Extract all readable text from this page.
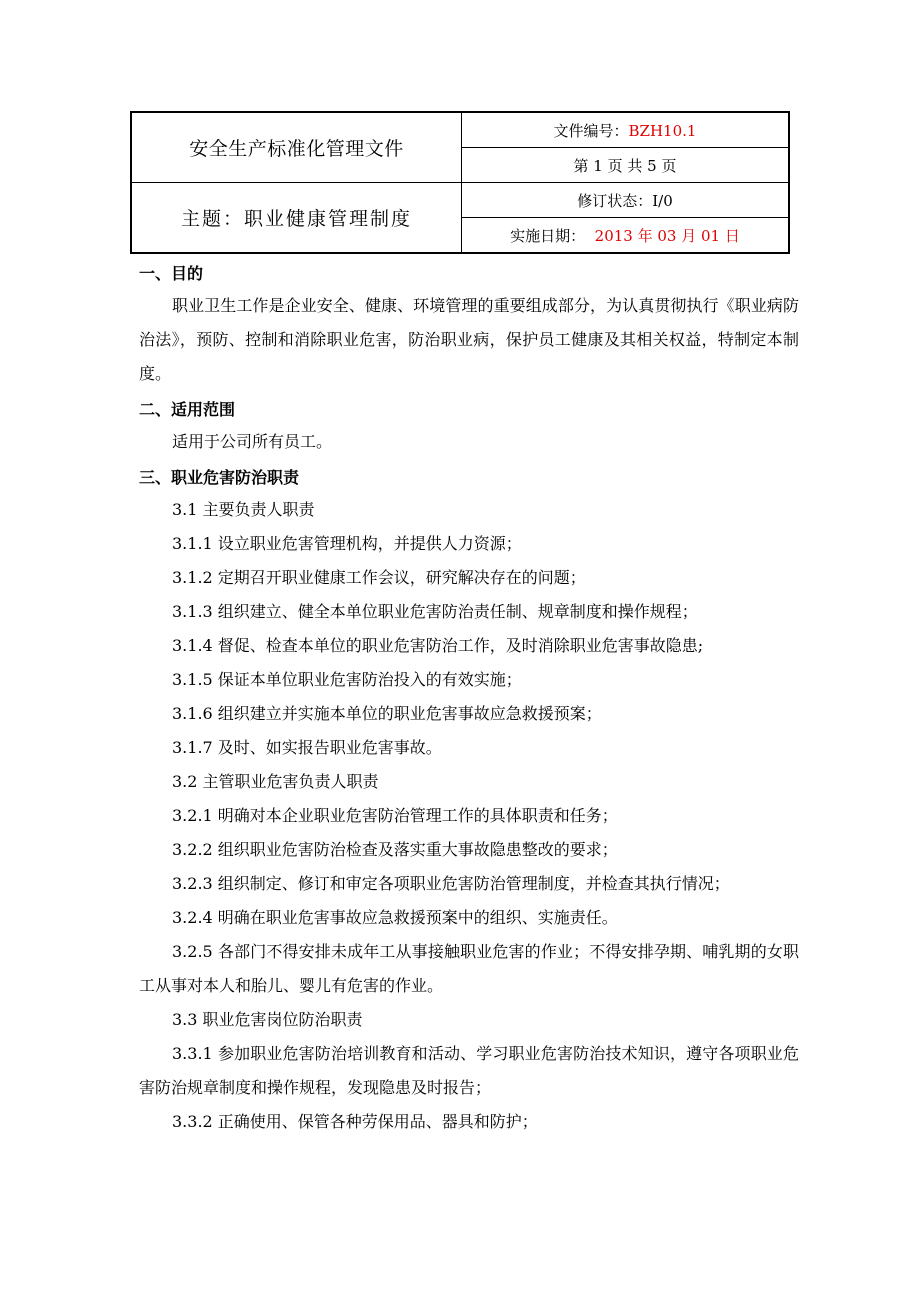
安全生产标准化管理文件	文件编号：BZH10.1
	第 1 页 共 5 页
主题：职业健康管理制度	修订状态：Ⅰ/0
	实施日期： 2013 年 03 月 01 日
一、目的
职业卫生工作是企业安全、健康、环境管理的重要组成部分，为认真贯彻执行《职业病防治法》，预防、控制和消除职业危害，防治职业病，保护员工健康及其相关权益，特制定本制度。
二、适用范围
适用于公司所有员工。
三、职业危害防治职责
3.1 主要负责人职责
3.1.1 设立职业危害管理机构，并提供人力资源；
3.1.2 定期召开职业健康工作会议，研究解决存在的问题；
3.1.3 组织建立、健全本单位职业危害防治责任制、规章制度和操作规程；
3.1.4 督促、检查本单位的职业危害防治工作，及时消除职业危害事故隐患;
3.1.5 保证本单位职业危害防治投入的有效实施；
3.1.6 组织建立并实施本单位的职业危害事故应急救援预案；
3.1.7 及时、如实报告职业危害事故。
3.2 主管职业危害负责人职责
3.2.1 明确对本企业职业危害防治管理工作的具体职责和任务；
3.2.2 组织职业危害防治检查及落实重大事故隐患整改的要求；
3.2.3 组织制定、修订和审定各项职业危害防治管理制度，并检查其执行情况；
3.2.4 明确在职业危害事故应急救援预案中的组织、实施责任。
3.2.5 各部门不得安排未成年工从事接触职业危害的作业；不得安排孕期、哺乳期的女职工从事对本人和胎儿、婴儿有危害的作业。
3.3 职业危害岗位防治职责
3.3.1 参加职业危害防治培训教育和活动、学习职业危害防治技术知识，遵守各项职业危害防治规章制度和操作规程，发现隐患及时报告；
3.3.2 正确使用、保管各种劳保用品、器具和防护；
